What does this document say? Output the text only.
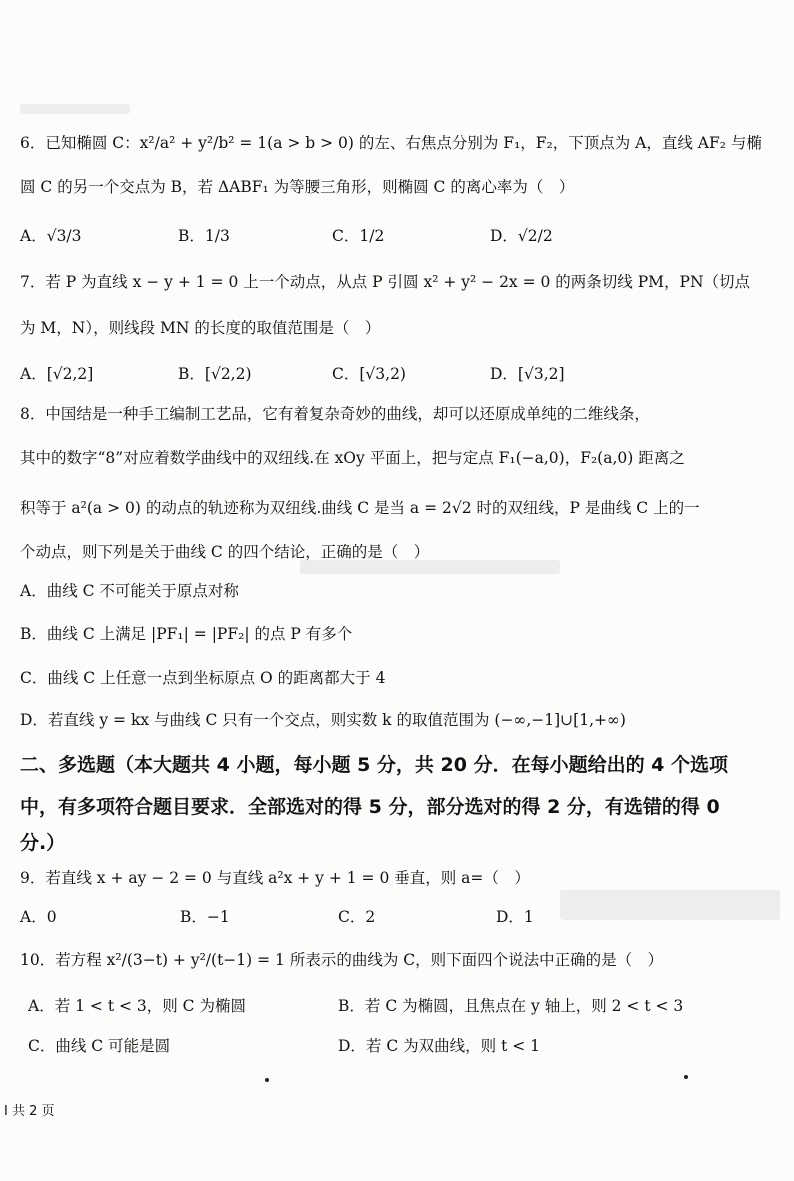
6．已知椭圆 C：x²/a² + y²/b² = 1(a > b > 0) 的左、右焦点分别为 F₁，F₂，下顶点为 A，直线 AF₂ 与椭
圆 C 的另一个交点为 B，若 ΔABF₁ 为等腰三角形，则椭圆 C 的离心率为（　）
A．√3/3	B．1/3	C．1/2	D．√2/2
7．若 P 为直线 x − y + 1 = 0 上一个动点，从点 P 引圆 x² + y² − 2x = 0 的两条切线 PM，PN（切点
为 M，N），则线段 MN 的长度的取值范围是（　）
A．[√2,2]	B．[√2,2)	C．[√3,2)	D．[√3,2]
8．中国结是一种手工编制工艺品，它有着复杂奇妙的曲线，却可以还原成单纯的二维线条，
其中的数字“8”对应着数学曲线中的双纽线.在 xOy 平面上，把与定点 F₁(−a,0)，F₂(a,0) 距离之
积等于 a²(a > 0) 的动点的轨迹称为双纽线.曲线 C 是当 a = 2√2 时的双纽线，P 是曲线 C 上的一
个动点，则下列是关于曲线 C 的四个结论，正确的是（　）
A．曲线 C 不可能关于原点对称
B．曲线 C 上满足 |PF₁| = |PF₂| 的点 P 有多个
C．曲线 C 上任意一点到坐标原点 O 的距离都大于 4
D．若直线 y = kx 与曲线 C 只有一个交点，则实数 k 的取值范围为 (−∞,−1]∪[1,+∞)
二、多选题（本大题共 4 小题，每小题 5 分，共 20 分．在每小题给出的 4 个选项
中，有多项符合题目要求．全部选对的得 5 分，部分选对的得 2 分，有选错的得 0
分.）
9．若直线 x + ay − 2 = 0 与直线 a²x + y + 1 = 0 垂直，则 a=（　）
A．0	B．−1	C．2	D．1
10．若方程 x²/(3−t) + y²/(t−1) = 1 所表示的曲线为 C，则下面四个说法中正确的是（　）
A．若 1 < t < 3，则 C 为椭圆	B．若 C 为椭圆，且焦点在 y 轴上，则 2 < t < 3
C．曲线 C 可能是圆	D．若 C 为双曲线，则 t < 1
Ⅰ 共 2 页
